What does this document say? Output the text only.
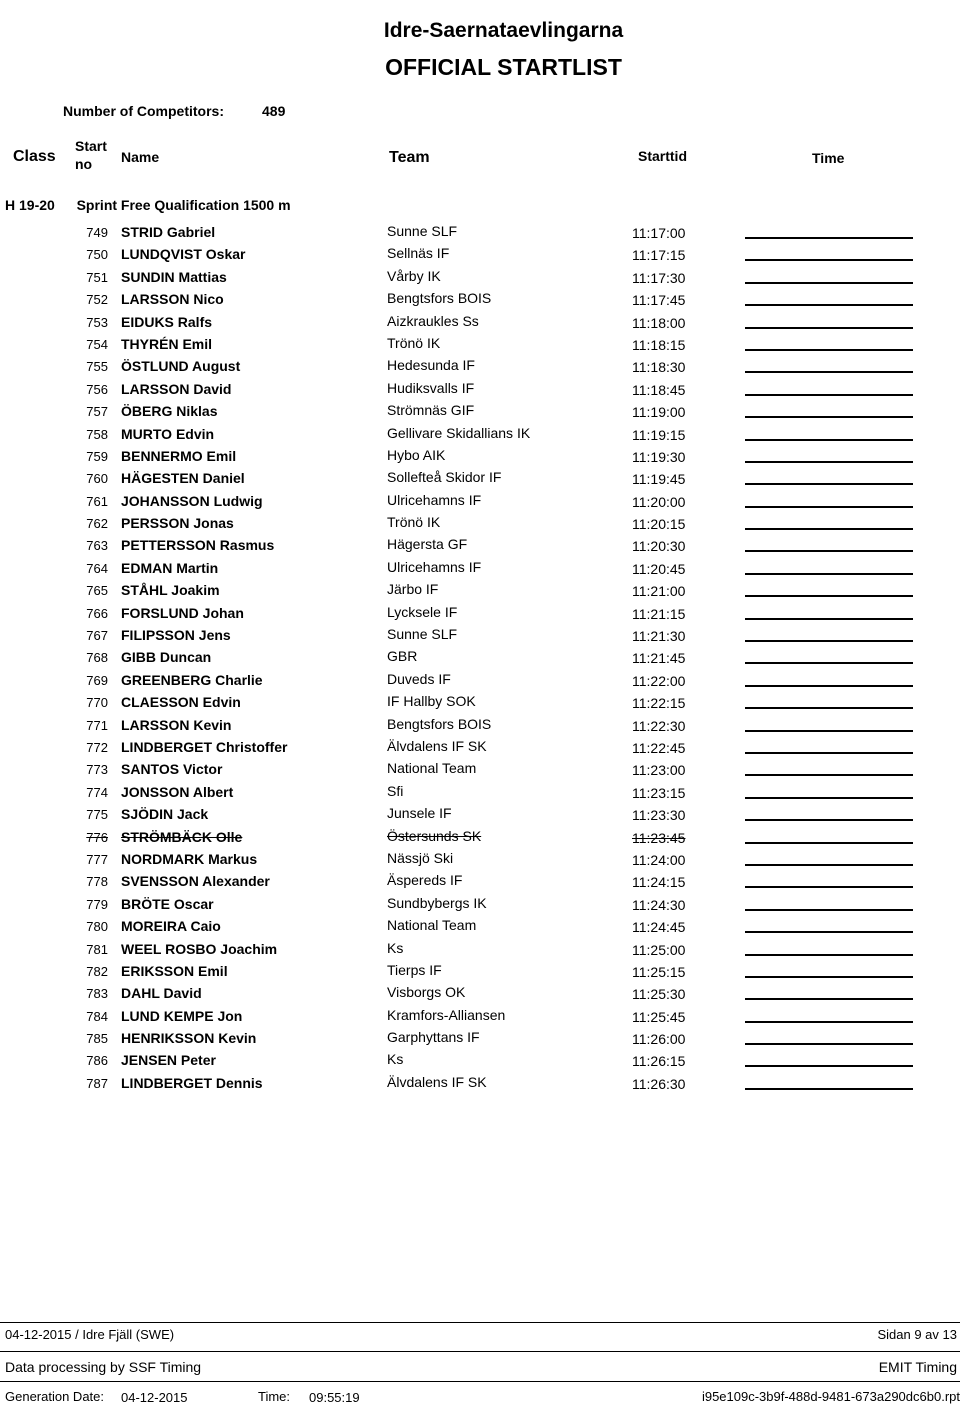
Idre-Saernataevlingarna
OFFICIAL STARTLIST
Number of Competitors:	489
Class
Start
no Name	Team	Starttid	Time
H 19-20 Sprint Free Qualification 1500 m
749 STRID Gabriel	Sunne SLF	11:17:00
750 LUNDQVIST Oskar	Sellnäs IF	11:17:15
751 SUNDIN Mattias	Vårby IK	11:17:30
752 LARSSON Nico	Bengtsfors BOIS	11:17:45
753 EIDUKS Ralfs	Aizkraukles Ss	11:18:00
754 THYRÉN Emil	Trönö IK	11:18:15
755 ÖSTLUND August	Hedesunda IF	11:18:30
756 LARSSON David	Hudiksvalls IF	11:18:45
757 ÖBERG Niklas	Strömnäs GIF	11:19:00
758 MURTO Edvin	Gellivare Skidallians IK	11:19:15
759 BENNERMO Emil	Hybo AIK	11:19:30
760 HÄGESTEN Daniel	Sollefteå Skidor IF	11:19:45
761 JOHANSSON Ludwig	Ulricehamns IF	11:20:00
762 PERSSON Jonas	Trönö IK	11:20:15
763 PETTERSSON Rasmus	Hägersta GF	11:20:30
764 EDMAN Martin	Ulricehamns IF	11:20:45
765 STÅHL Joakim	Järbo IF	11:21:00
766 FORSLUND Johan	Lycksele IF	11:21:15
767 FILIPSSON Jens	Sunne SLF	11:21:30
768 GIBB Duncan	GBR	11:21:45
769 GREENBERG Charlie	Duveds IF	11:22:00
770 CLAESSON Edvin	IF Hallby SOK	11:22:15
771 LARSSON Kevin	Bengtsfors BOIS	11:22:30
772 LINDBERGET Christoffer	Älvdalens IF SK	11:22:45
773 SANTOS Victor	National Team	11:23:00
774 JONSSON Albert	Sfi	11:23:15
775 SJÖDIN Jack	Junsele IF	11:23:30
776 STRÖMBÄCK Olle	Östersunds SK	11:23:45
777 NORDMARK Markus	Nässjö Ski	11:24:00
778 SVENSSON Alexander	Äspereds IF	11:24:15
779 BRÖTE Oscar	Sundbybergs IK	11:24:30
780 MOREIRA Caio	National Team	11:24:45
781 WEEL ROSBO Joachim	Ks	11:25:00
782 ERIKSSON Emil	Tierps IF	11:25:15
783 DAHL David	Visborgs OK	11:25:30
784 LUND KEMPE Jon	Kramfors-Alliansen	11:25:45
785 HENRIKSSON Kevin	Garphyttans IF	11:26:00
786 JENSEN Peter	Ks	11:26:15
787 LINDBERGET Dennis	Älvdalens IF SK	11:26:30
04-12-2015 / Idre Fjäll (SWE)	Sidan 9 av 13
Data processing by SSF Timing	EMIT Timing
Generation Date: 04-12-2015	Time: 09:55:19	i95e109c-3b9f-488d-9481-673a290dc6b0.rpt
